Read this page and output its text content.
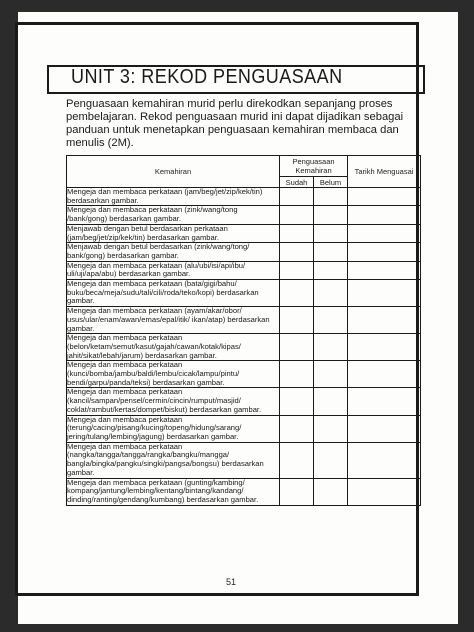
UNIT 3: REKOD PENGUASAAN
Penguasaan kemahiran murid perlu direkodkan sepanjang proses pembelajaran. Rekod penguasaan murid ini dapat dijadikan sebagai panduan untuk menetapkan penguasaan kemahiran membaca dan menulis (2M).
Kemahiran	Penguasaan Kemahiran		Tarikh Menguasai
	Sudah	Belum	
Mengeja dan membaca perkataan (jam/beg/jet/zip/kek/tin) berdasarkan gambar.			
Mengeja dan membaca perkataan (zink/wang/tong /bank/gong) berdasarkan gambar.			
Menjawab dengan betul berdasarkan perkataan (jam/beg/jet/zip/kek/tin) berdasarkan gambar.			
Menjawab dengan betul berdasarkan (zink/wang/tong/ bank/gong) berdasarkan gambar.			
Mengeja dan membaca perkataan (alu/ubi/isi/api/ibu/ uli/uji/apa/abu) berdasarkan gambar.			
Mengeja dan membaca perkataan (bata/gigi/bahu/ buku/beca/meja/sudu/tali/cili/roda/teko/kopi) berdasarkan gambar.			
Mengeja dan membaca perkataan (ayam/akar/obor/ usus/ular/enam/awan/emas/epal/itik/ ikan/atap) berdasarkan gambar.			
Mengeja dan membaca perkataan (belon/ketam/semut/kasut/gajah/cawan/kotak/kipas/ jahit/sikat/lebah/jarum) berdasarkan gambar.			
Mengeja dan membaca perkataan (kunci/bomba/jambu/baldi/lembu/cicak/lampu/pintu/ bendi/garpu/panda/teksi) berdasarkan gambar.			
Mengeja dan membaca perkataan (kancil/sampan/pensel/cermin/cincin/rumput/masjid/ coklat/rambut/kertas/dompet/biskut) berdasarkan gambar.			
Mengeja dan membaca perkataan (terung/cacing/pisang/kucing/topeng/hidung/sarang/ jering/tulang/lembing/jagung) berdasarkan gambar.			
Mengeja dan membaca perkataan (nangka/tangga/tangga/rangka/bangku/mangga/ bangla/bingka/pangku/singki/pangsa/bongsu) berdasarkan gambar.			
Mengeja dan membaca perkataan (gunting/kambing/ kompang/jantung/lembing/kentang/bintang/kandang/ dinding/ranting/gendang/kumbang) berdasarkan gambar.			
51
